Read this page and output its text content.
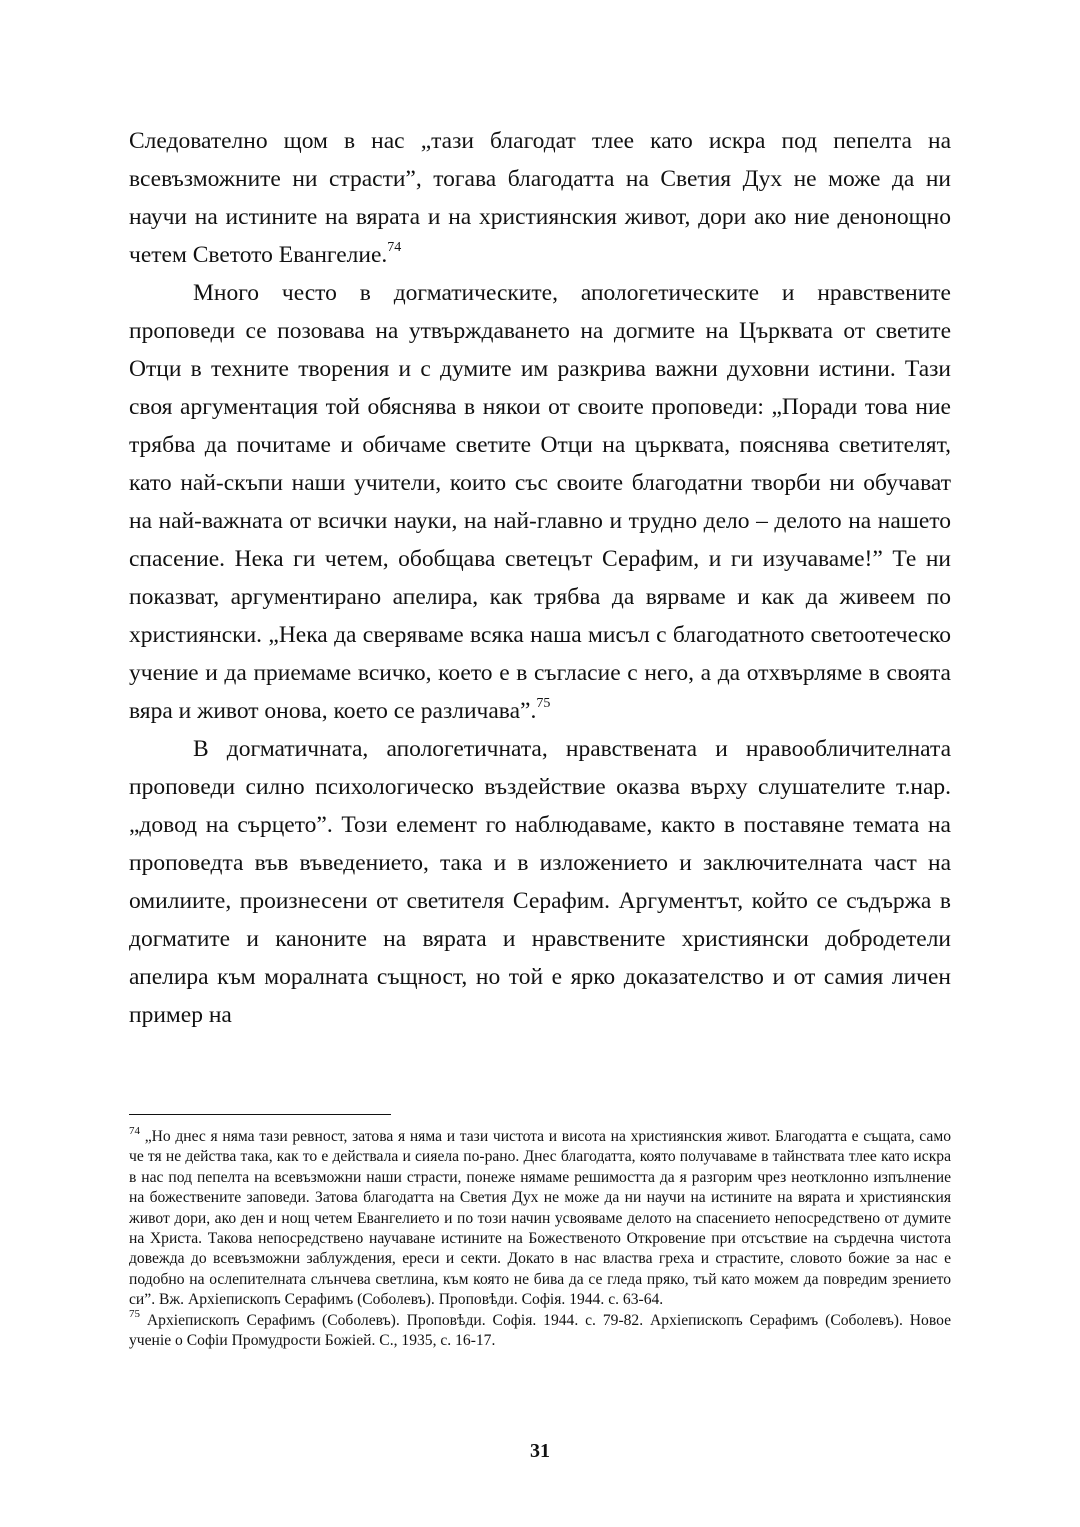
Следователно щом в нас „тази благодат тлее като искра под пепелта на всевъзможните ни страсти”, тогава благодатта на Светия Дух не може да ни научи на истините на вярата и на християнския живот, дори ако ние денонощно четем Светото Евангелие.$^{74}$

Много често в догматическите, апологетическите и нравствените проповеди се позовава на утвърждаването на догмите на Църквата от светите Отци в техните творения и с думите им разкрива важни духовни истини. Тази своя аргументация той обяснява в някои от своите проповеди: „Поради това ние трябва да почитаме и обичаме светите Отци на църквата, пояснява светителят, като най-скъпи наши учители, които със своите благодатни творби ни обучават на най-важната от всички науки, на най-главно и трудно дело – делото на нашето спасение. Нека ги четем, обобщава светецът Серафим, и ги изучаваме!” Те ни показват, аргументирано апелира, как трябва да вярваме и как да живеем по християнски. „Нека да сверяваме всяка наша мисъл с благодатното светоотеческо учение и да приемаме всичко, което е в съгласие с него, а да отхвърляме в своята вяра и живот онова, което се различава”.$^{75}$

В догматичната, апологетичната, нравствената и нравообличителната проповеди силно психологическо въздействие оказва върху слушателите т.нар. „довод на сърцето”. Този елемент го наблюдаваме, както в поставяне темата на проповедта във въведението, така и в изложението и заключителната част на омилиите, произнесени от светителя Серафим. Аргументът, който се съдържа в догматите и каноните на вярата и нравствените християнски добродетели апелира към моралната същност, но той е ярко доказателство и от самия личен пример на

$^{74}$ „Но днес я няма тази ревност, затова я няма и тази чистота и висота на християнския живот. Благодатта е същата, само че тя не действа така, как то е действала и сияела по-рано. Днес благодатта, която получаваме в тайнствата тлее като искра в нас под пепелта на всевъзможни наши страсти, понеже нямаме решимостта да я разгорим чрез неотклонно изпълнение на божествените заповеди. Затова благодатта на Светия Дух не може да ни научи на истините на вярата и християнския живот дори, ако ден и нощ четем Евангелието и по този начин усвояваме делото на спасението непосредствено от думите на Христа. Такова непосредствено научаване истините на Божественото Откровение при отсъствие на сърдечна чистота довежда до всевъзможни заблуждения, ереси и секти. Докато в нас властва греха и страстите, словото божие за нас е подобно на ослепителната слънчева светлина, към която не бива да се гледа пряко, тъй като можем да повредим зрението си”. Вж. Архіепископъ Серафимъ (Соболевъ). Проповѣди. Софія. 1944. с. 63-64.

$^{75}$ Архіепископъ Серафимъ (Соболевъ). Проповѣди. Софія. 1944. с. 79-82. Архіепископъ Серафимъ (Соболевъ). Новое ученіе о Софіи Промудрости Божіей. С., 1935, с. 16-17.

31
